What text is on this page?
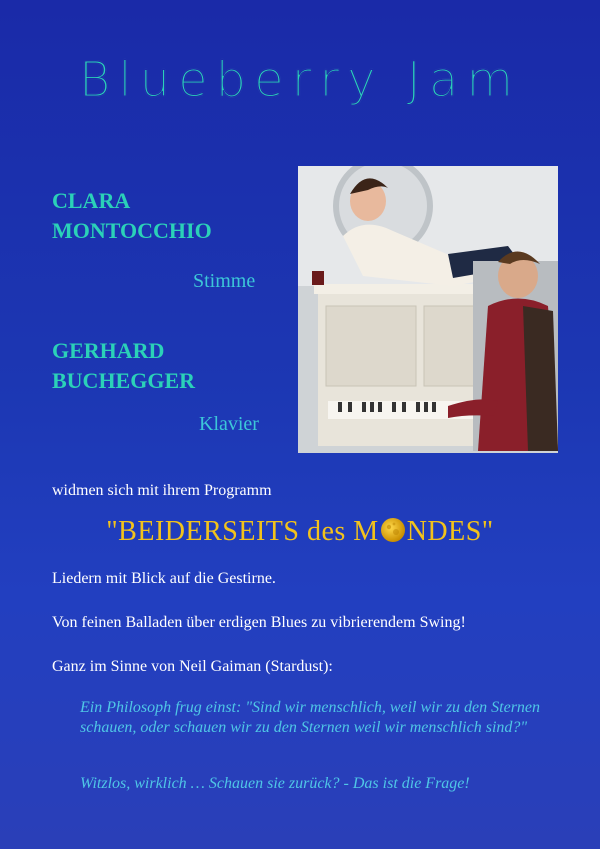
Blueberry Jam
CLARA
MONTOCCHIO
Stimme
GERHARD
BUCHEGGER
Klavier
widmen sich mit ihrem Programm
"BEIDERSEITS des M NDES"
Liedern mit Blick auf die Gestirne.
Von feinen Balladen über erdigen Blues zu vibrierendem Swing!
Ganz im Sinne von Neil Gaiman (Stardust):
Ein Philosoph frug einst: "Sind wir menschlich, weil wir zu den Sternen schauen, oder schauen wir zu den Sternen weil wir menschlich sind?"
Witzlos, wirklich … Schauen sie zurück? - Das ist die Frage!
